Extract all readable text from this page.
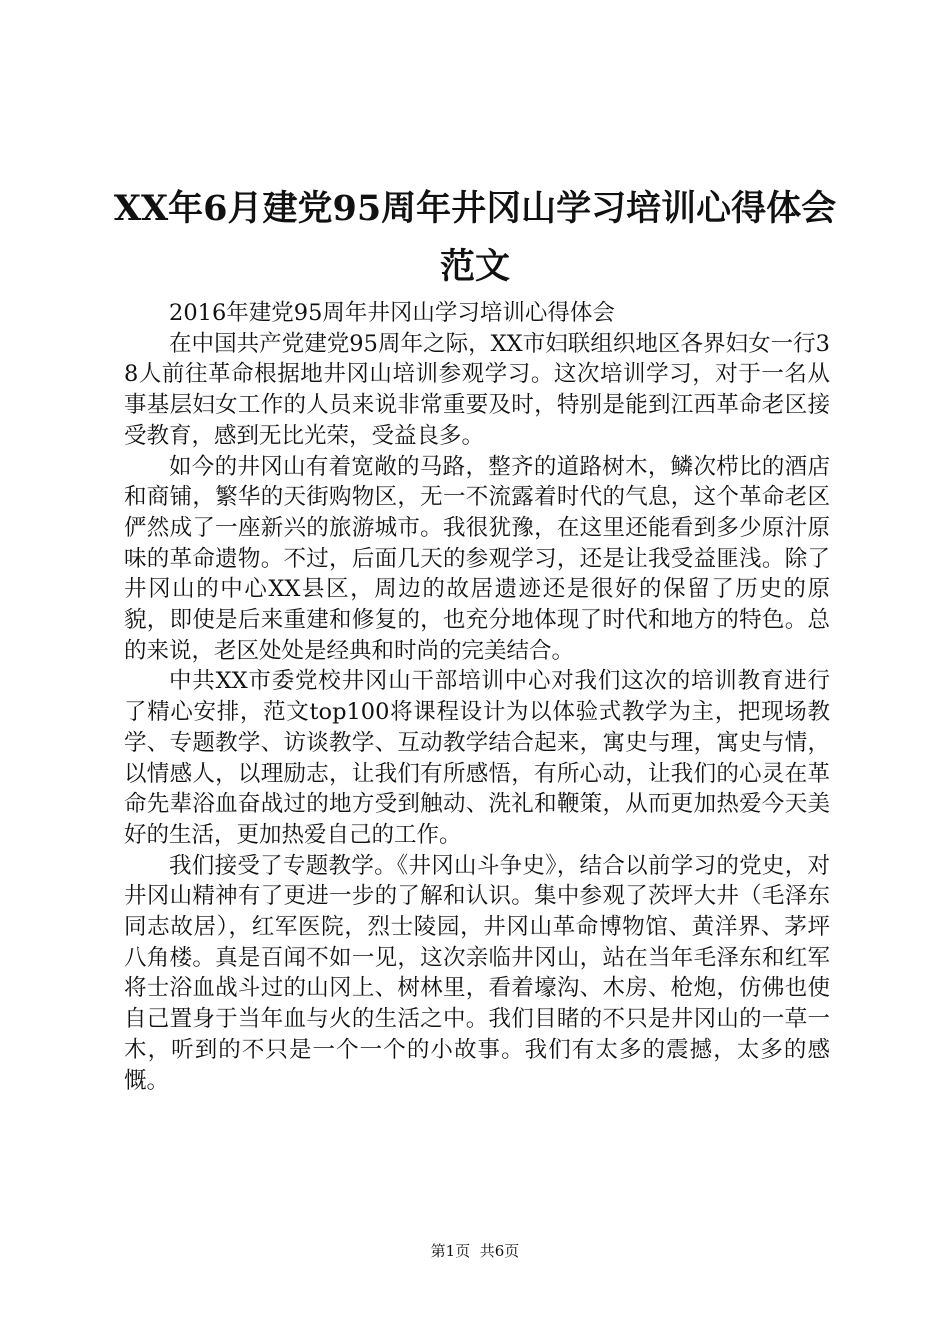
XX年6月建党95周年井冈山学习培训心得体会范文

2016年建党95周年井冈山学习培训心得体会

在中国共产党建党95周年之际，XX市妇联组织地区各界妇女一行38人前往革命根据地井冈山培训参观学习。这次培训学习，对于一名从事基层妇女工作的人员来说非常重要及时，特别是能到江西革命老区接受教育，感到无比光荣，受益良多。

如今的井冈山有着宽敞的马路，整齐的道路树木，鳞次栉比的酒店和商铺，繁华的天街购物区，无一不流露着时代的气息，这个革命老区俨然成了一座新兴的旅游城市。我很犹豫，在这里还能看到多少原汁原味的革命遗物。不过，后面几天的参观学习，还是让我受益匪浅。除了井冈山的中心XX县区，周边的故居遗迹还是很好的保留了历史的原貌，即使是后来重建和修复的，也充分地体现了时代和地方的特色。总的来说，老区处处是经典和时尚的完美结合。

中共XX市委党校井冈山干部培训中心对我们这次的培训教育进行了精心安排，范文top100将课程设计为以体验式教学为主，把现场教学、专题教学、访谈教学、互动教学结合起来，寓史与理，寓史与情，以情感人，以理励志，让我们有所感悟，有所心动，让我们的心灵在革命先辈浴血奋战过的地方受到触动、洗礼和鞭策，从而更加热爱今天美好的生活，更加热爱自己的工作。

我们接受了专题教学。《井冈山斗争史》，结合以前学习的党史，对井冈山精神有了更进一步的了解和认识。集中参观了茨坪大井（毛泽东同志故居），红军医院，烈士陵园，井冈山革命博物馆、黄洋界、茅坪八角楼。真是百闻不如一见，这次亲临井冈山，站在当年毛泽东和红军将士浴血战斗过的山冈上、树林里，看着壕沟、木房、枪炮，仿佛也使自己置身于当年血与火的生活之中。我们目睹的不只是井冈山的一草一木，听到的不只是一个一个的小故事。我们有太多的震撼，太多的感慨。

第1页 共6页
